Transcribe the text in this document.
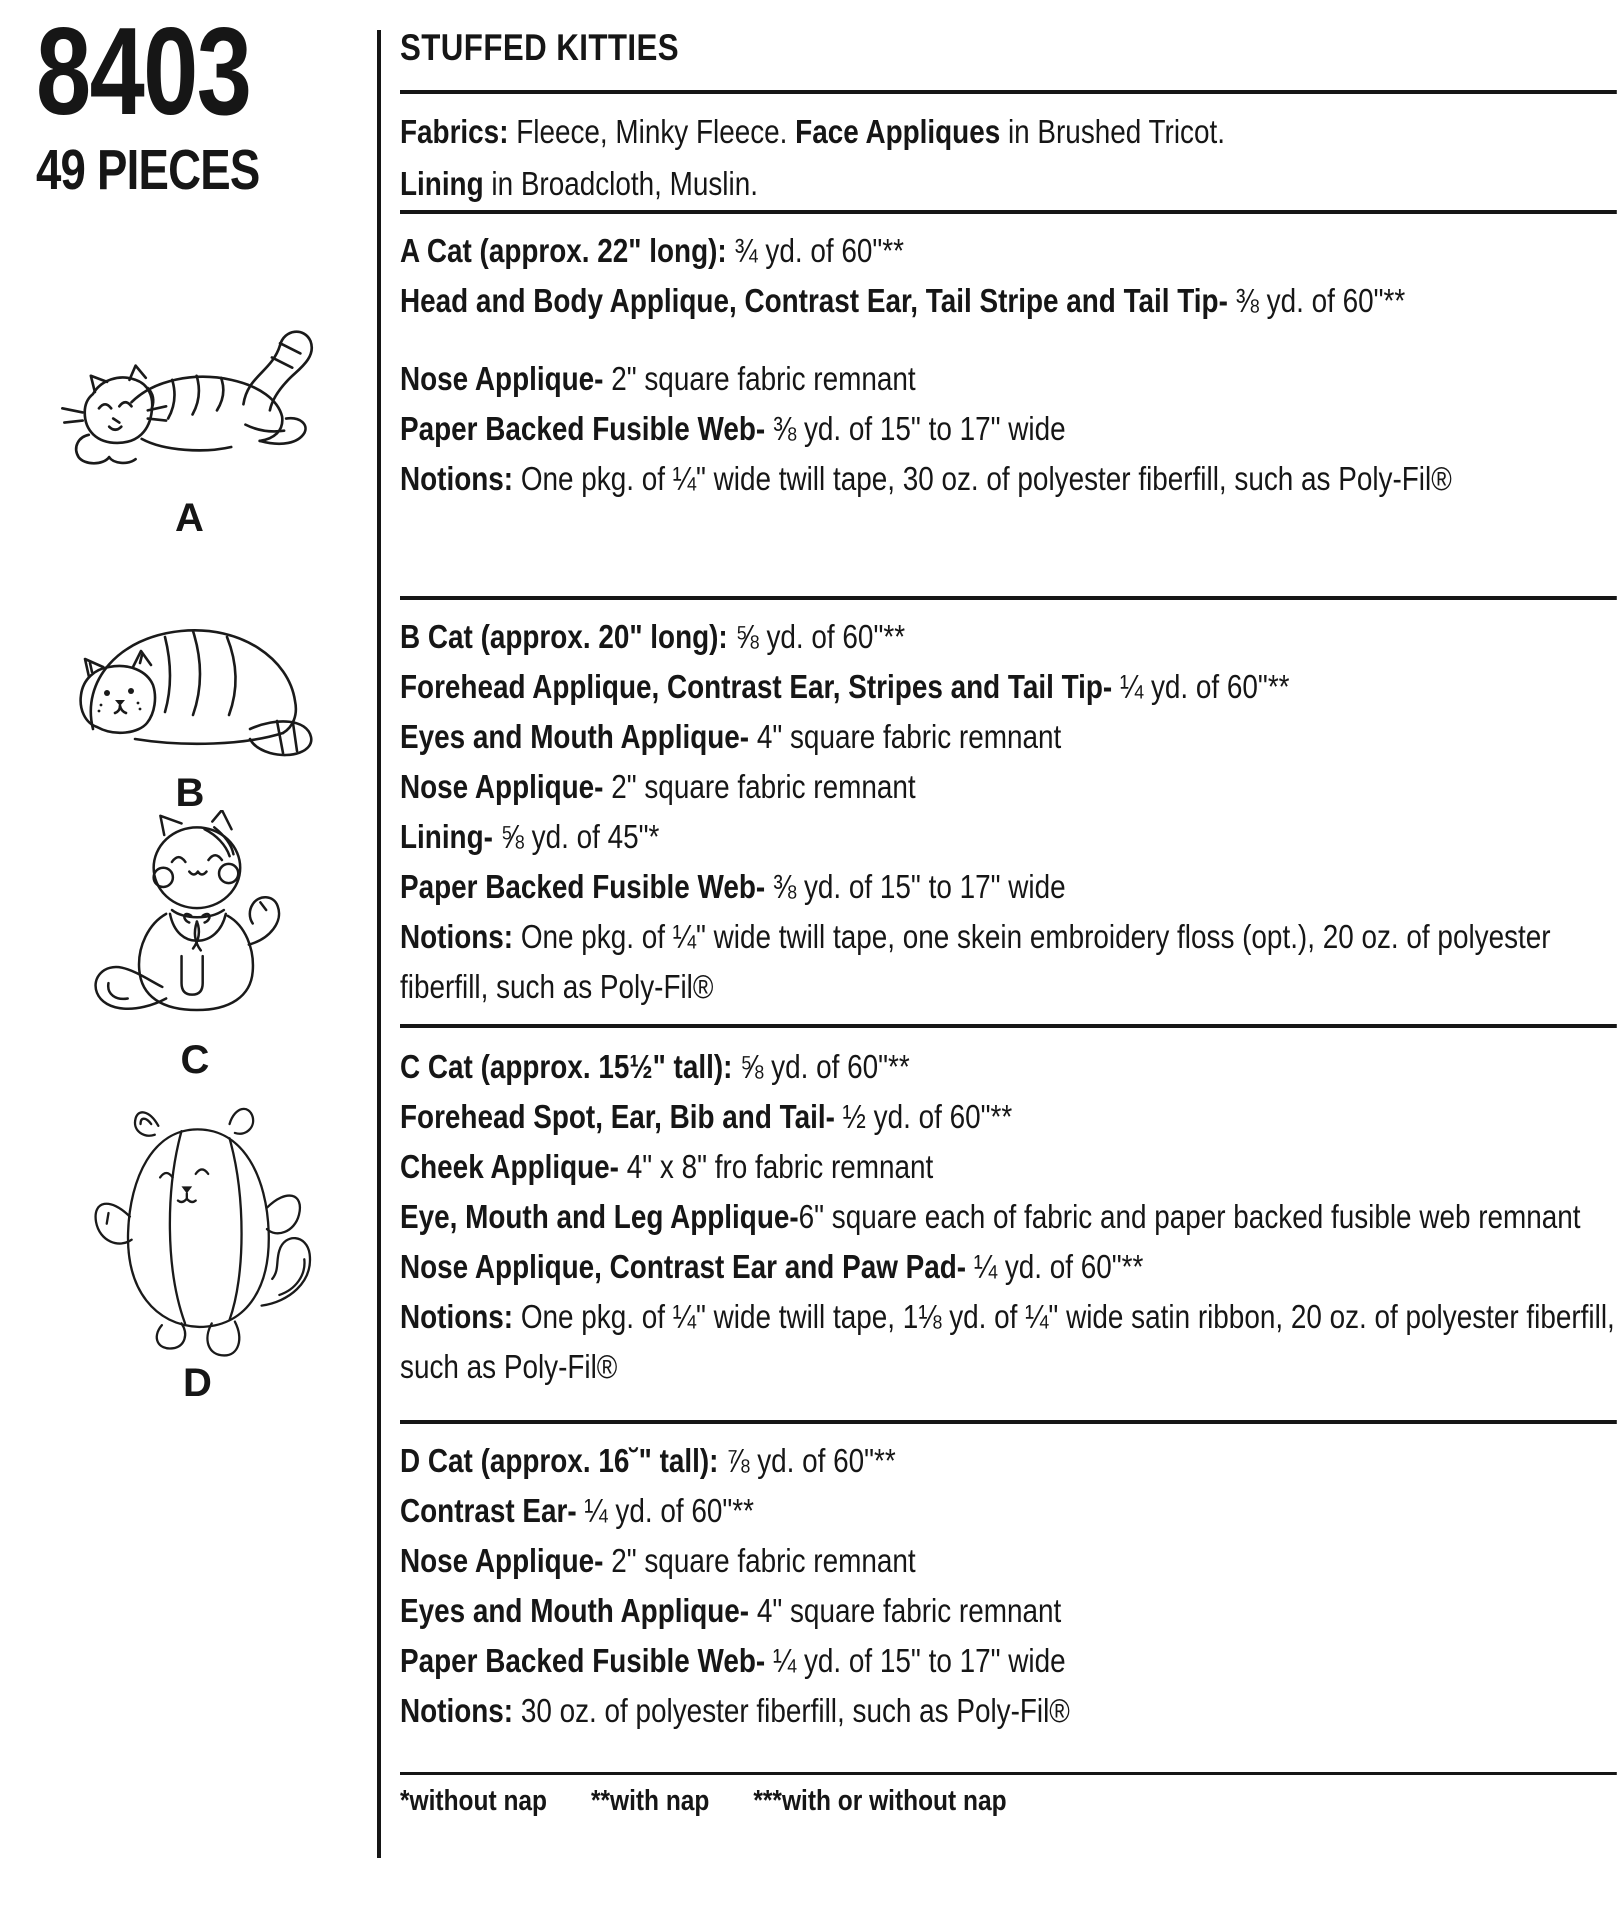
8403
49 PIECES
A
B
C
D
STUFFED KITTIES
Fabrics: Fleece, Minky Fleece. Face Appliques in Brushed Tricot.
Lining in Broadcloth, Muslin.
A Cat (approx. 22" long): ¾ yd. of 60"**
Head and Body Applique, Contrast Ear, Tail Stripe and Tail Tip- ⅜ yd. of 60"**
Nose Applique- 2" square fabric remnant
Paper Backed Fusible Web- ⅜ yd. of 15" to 17" wide
Notions: One pkg. of ¼" wide twill tape, 30 oz. of polyester fiberfill, such as Poly-Fil®
B Cat (approx. 20" long): ⅝ yd. of 60"**
Forehead Applique, Contrast Ear, Stripes and Tail Tip- ¼ yd. of 60"**
Eyes and Mouth Applique- 4" square fabric remnant
Nose Applique- 2" square fabric remnant
Lining- ⅝ yd. of 45"*
Paper Backed Fusible Web- ⅜ yd. of 15" to 17" wide
Notions: One pkg. of ¼" wide twill tape, one skein embroidery floss (opt.), 20 oz. of polyester fiberfill, such as Poly-Fil®
C Cat (approx. 15½" tall): ⅝ yd. of 60"**
Forehead Spot, Ear, Bib and Tail- ½ yd. of 60"**
Cheek Applique- 4" x 8" fro fabric remnant
Eye, Mouth and Leg Applique-6" square each of fabric and paper backed fusible web remnant
Nose Applique, Contrast Ear and Paw Pad- ¼ yd. of 60"**
Notions: One pkg. of ¼" wide twill tape, 1⅛ yd. of ¼" wide satin ribbon, 20 oz. of polyester fiberfill, such as Poly-Fil®
D Cat (approx. 16˘" tall): ⅞ yd. of 60"**
Contrast Ear- ¼ yd. of 60"**
Nose Applique- 2" square fabric remnant
Eyes and Mouth Applique- 4" square fabric remnant
Paper Backed Fusible Web- ¼ yd. of 15" to 17" wide
Notions: 30 oz. of polyester fiberfill, such as Poly-Fil®
*without nap **with nap ***with or without nap
